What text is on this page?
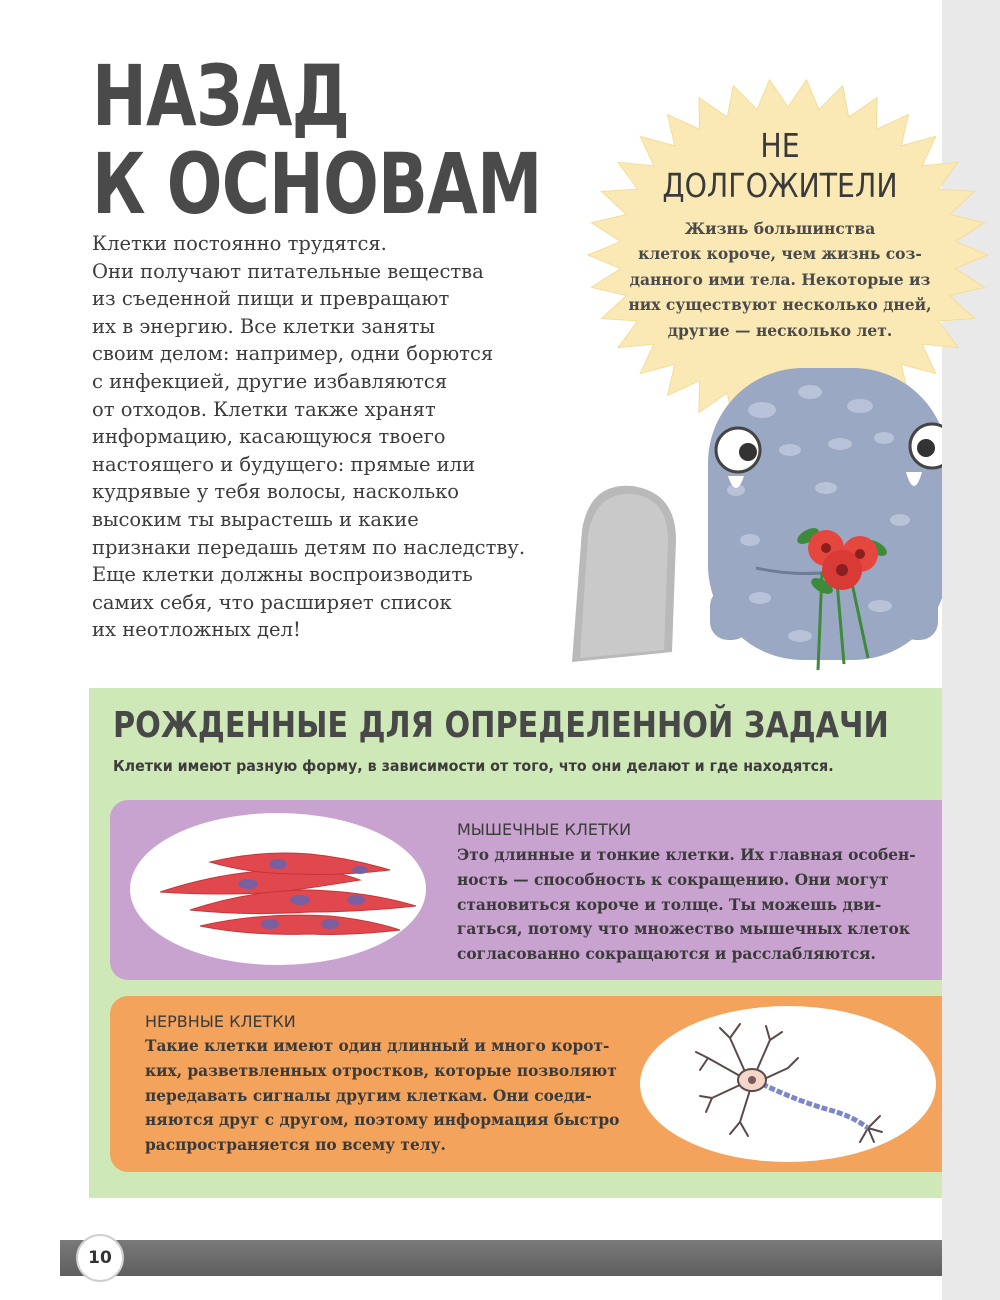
НАЗАД
К ОСНОВАМ
Клетки постоянно трудятся.
Они получают питательные вещества
из съеденной пищи и превращают
их в энергию. Все клетки заняты
своим делом: например, одни борются
с инфекцией, другие избавляются
от отходов. Клетки также хранят
информацию, касающуюся твоего
настоящего и будущего: прямые или
кудрявые у тебя волосы, насколько
высоким ты вырастешь и какие
признаки передашь детям по наследству.
Еще клетки должны воспроизводить
самих себя, что расширяет список
их неотложных дел!
НЕ
ДОЛГОЖИТЕЛИ
Жизнь большинства
клеток короче, чем жизнь соз-
данного ими тела. Некоторые из
них существуют несколько дней,
другие — несколько лет.
РОЖДЕННЫЕ ДЛЯ ОПРЕДЕЛЕННОЙ ЗАДАЧИ
Клетки имеют разную форму, в зависимости от того, что они делают и где находятся.
МЫШЕЧНЫЕ КЛЕТКИ
Это длинные и тонкие клетки. Их главная особен-
ность — способность к сокращению. Они могут
становиться короче и толще. Ты можешь дви-
гаться, потому что множество мышечных клеток
согласованно сокращаются и расслабляются.
НЕРВНЫЕ КЛЕТКИ
Такие клетки имеют один длинный и много корот-
ких, разветвленных отростков, которые позволяют
передавать сигналы другим клеткам. Они соеди-
няются друг с другом, поэтому информация быстро
распространяется по всему телу.
10
